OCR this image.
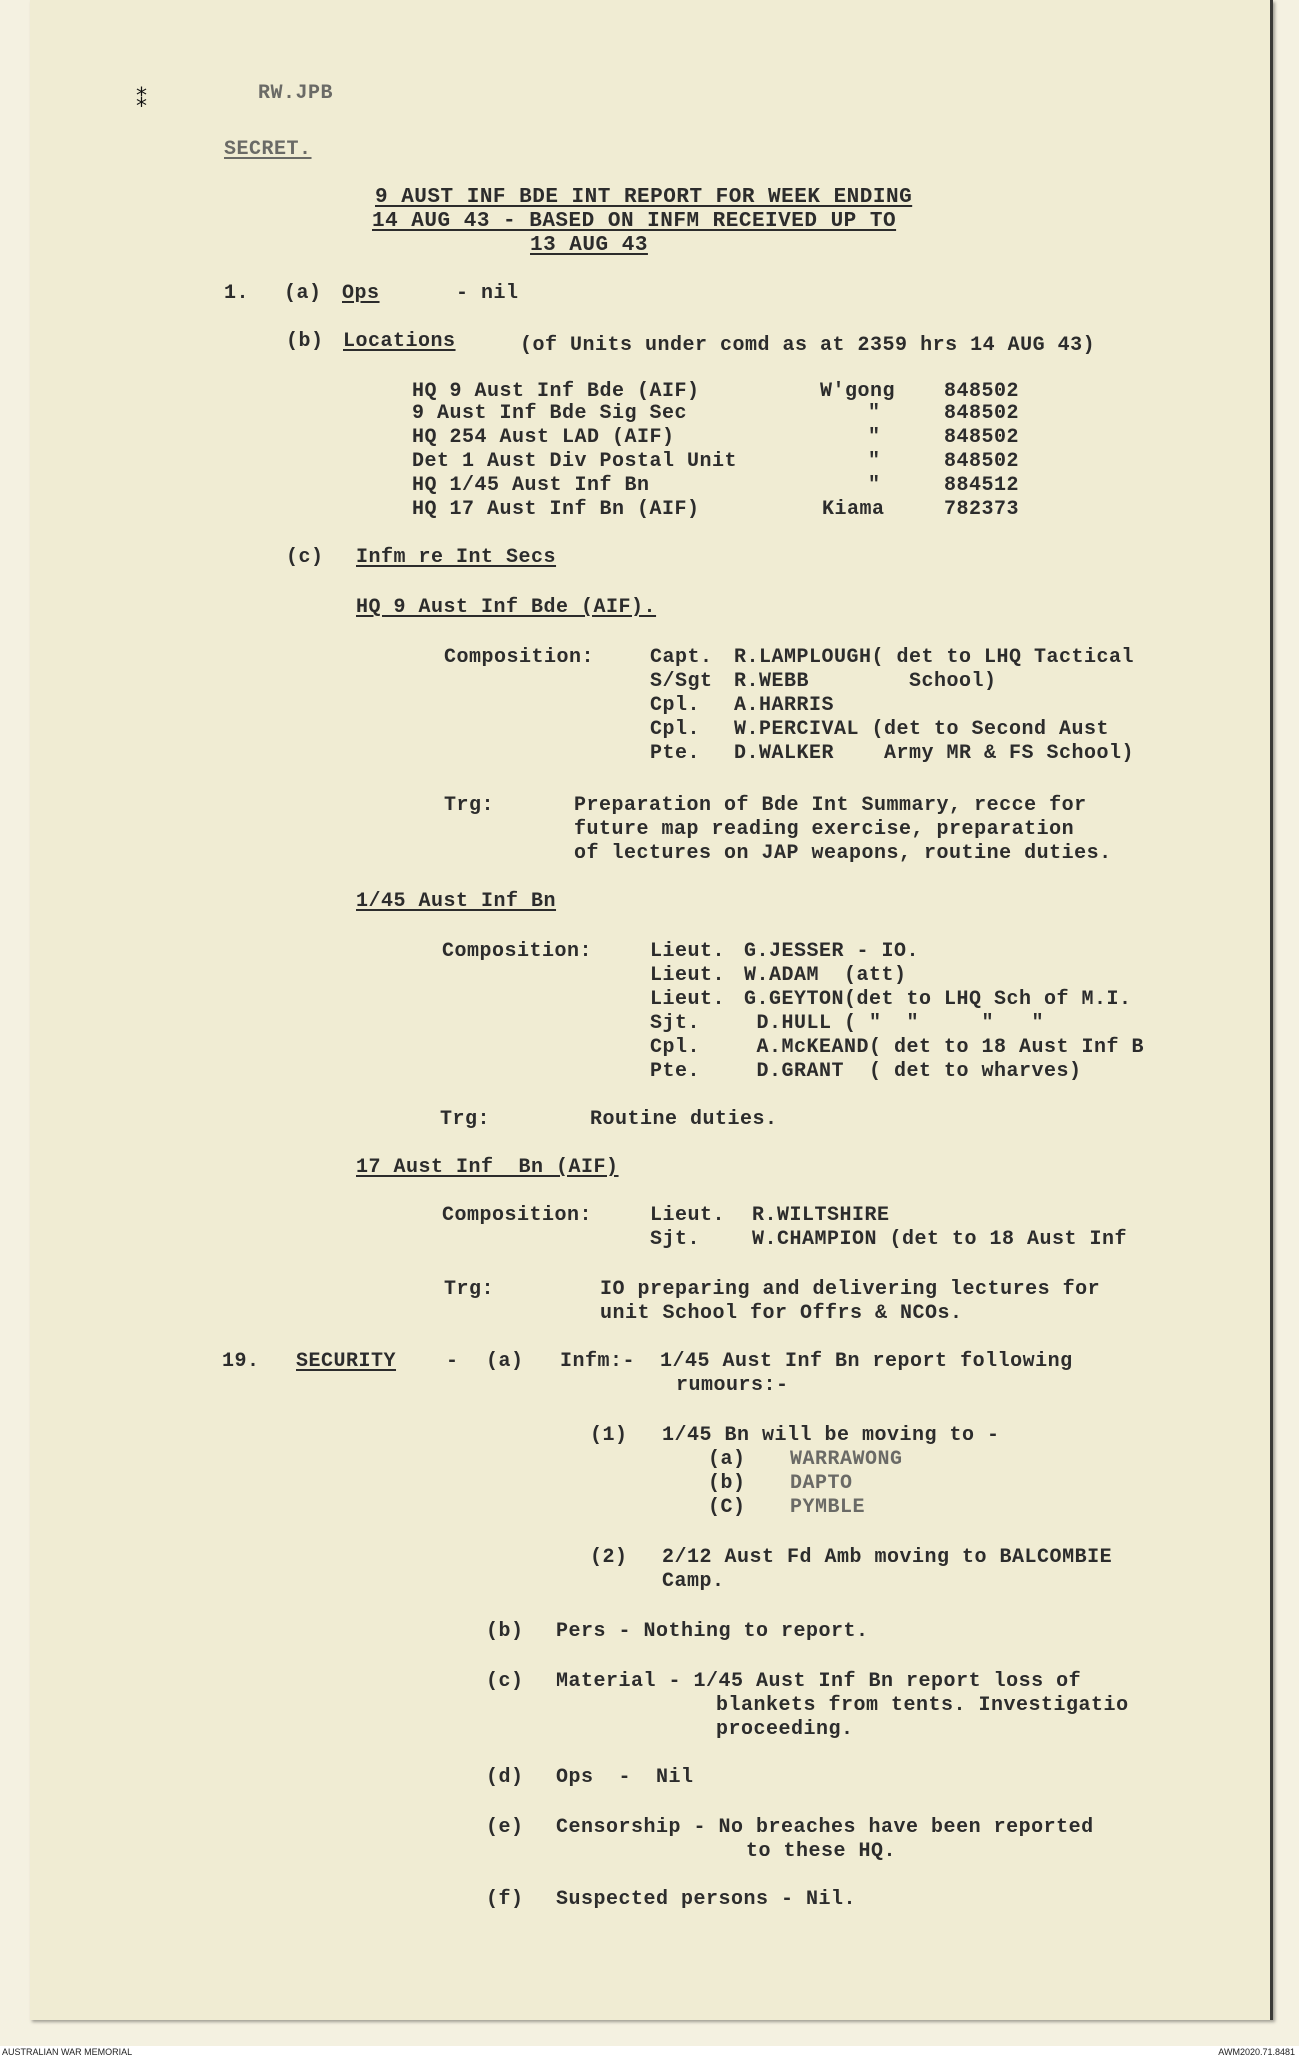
⁑	RW.JPB
SECRET.
9 AUST INF BDE INT REPORT FOR WEEK ENDING
14 AUG 43 - BASED ON INFM RECEIVED UP TO
13 AUG 43
1. (a) Ops	- nil
(b) Locations	(of Units under comd as at 2359 hrs 14 AUG 43)
HQ 9 Aust Inf Bde (AIF)	W'gong 848502
9 Aust Inf Bde Sig Sec	"	848502
HQ 254 Aust LAD (AIF)	"	848502
Det 1 Aust Div Postal Unit	"	848502
HQ 1/45 Aust Inf Bn	"	884512
HQ 17 Aust Inf Bn (AIF)	Kiama	782373
(c) Infm re Int Secs
HQ 9 Aust Inf Bde (AIF).
Composition:	Capt. R.LAMPLOUGH( det to LHQ Tactical
S/Sgt R.WEBB        School)
Cpl. A.HARRIS
Cpl. W.PERCIVAL (det to Second Aust
Pte. D.WALKER    Army MR & FS School)
Trg:	Preparation of Bde Int Summary, recce for
future map reading exercise, preparation
of lectures on JAP weapons, routine duties.
1/45 Aust Inf Bn
Composition:	Lieut. G.JESSER - IO.
Lieut. W.ADAM  (att)
Lieut. G.GEYTON(det to LHQ Sch of M.I.
Sjt. D.HULL ( "  "     "   "
Cpl. A.McKEAND( det to 18 Aust Inf B
Pte. D.GRANT  ( det to wharves)
Trg:	Routine duties.
17 Aust Inf  Bn (AIF)
Composition:	Lieut. R.WILTSHIRE
Sjt.	W.CHAMPION (det to 18 Aust Inf
Trg:	IO preparing and delivering lectures for
unit School for Offrs & NCOs.
19. SECURITY - (a) Infm:-  1/45 Aust Inf Bn report following
rumours:-
(1) 1/45 Bn will be moving to -
(a) WARRAWONG
(b) DAPTO
(C) PYMBLE
(2) 2/12 Aust Fd Amb moving to BALCOMBIE
Camp.
(b) Pers - Nothing to report.
(c) Material - 1/45 Aust Inf Bn report loss of
blankets from tents. Investigatio
proceeding.
(d) Ops  -  Nil
(e) Censorship - No breaches have been reported
to these HQ.
(f) Suspected persons - Nil.
AUSTRALIAN WAR MEMORIAL	AWM2020.71.8481
